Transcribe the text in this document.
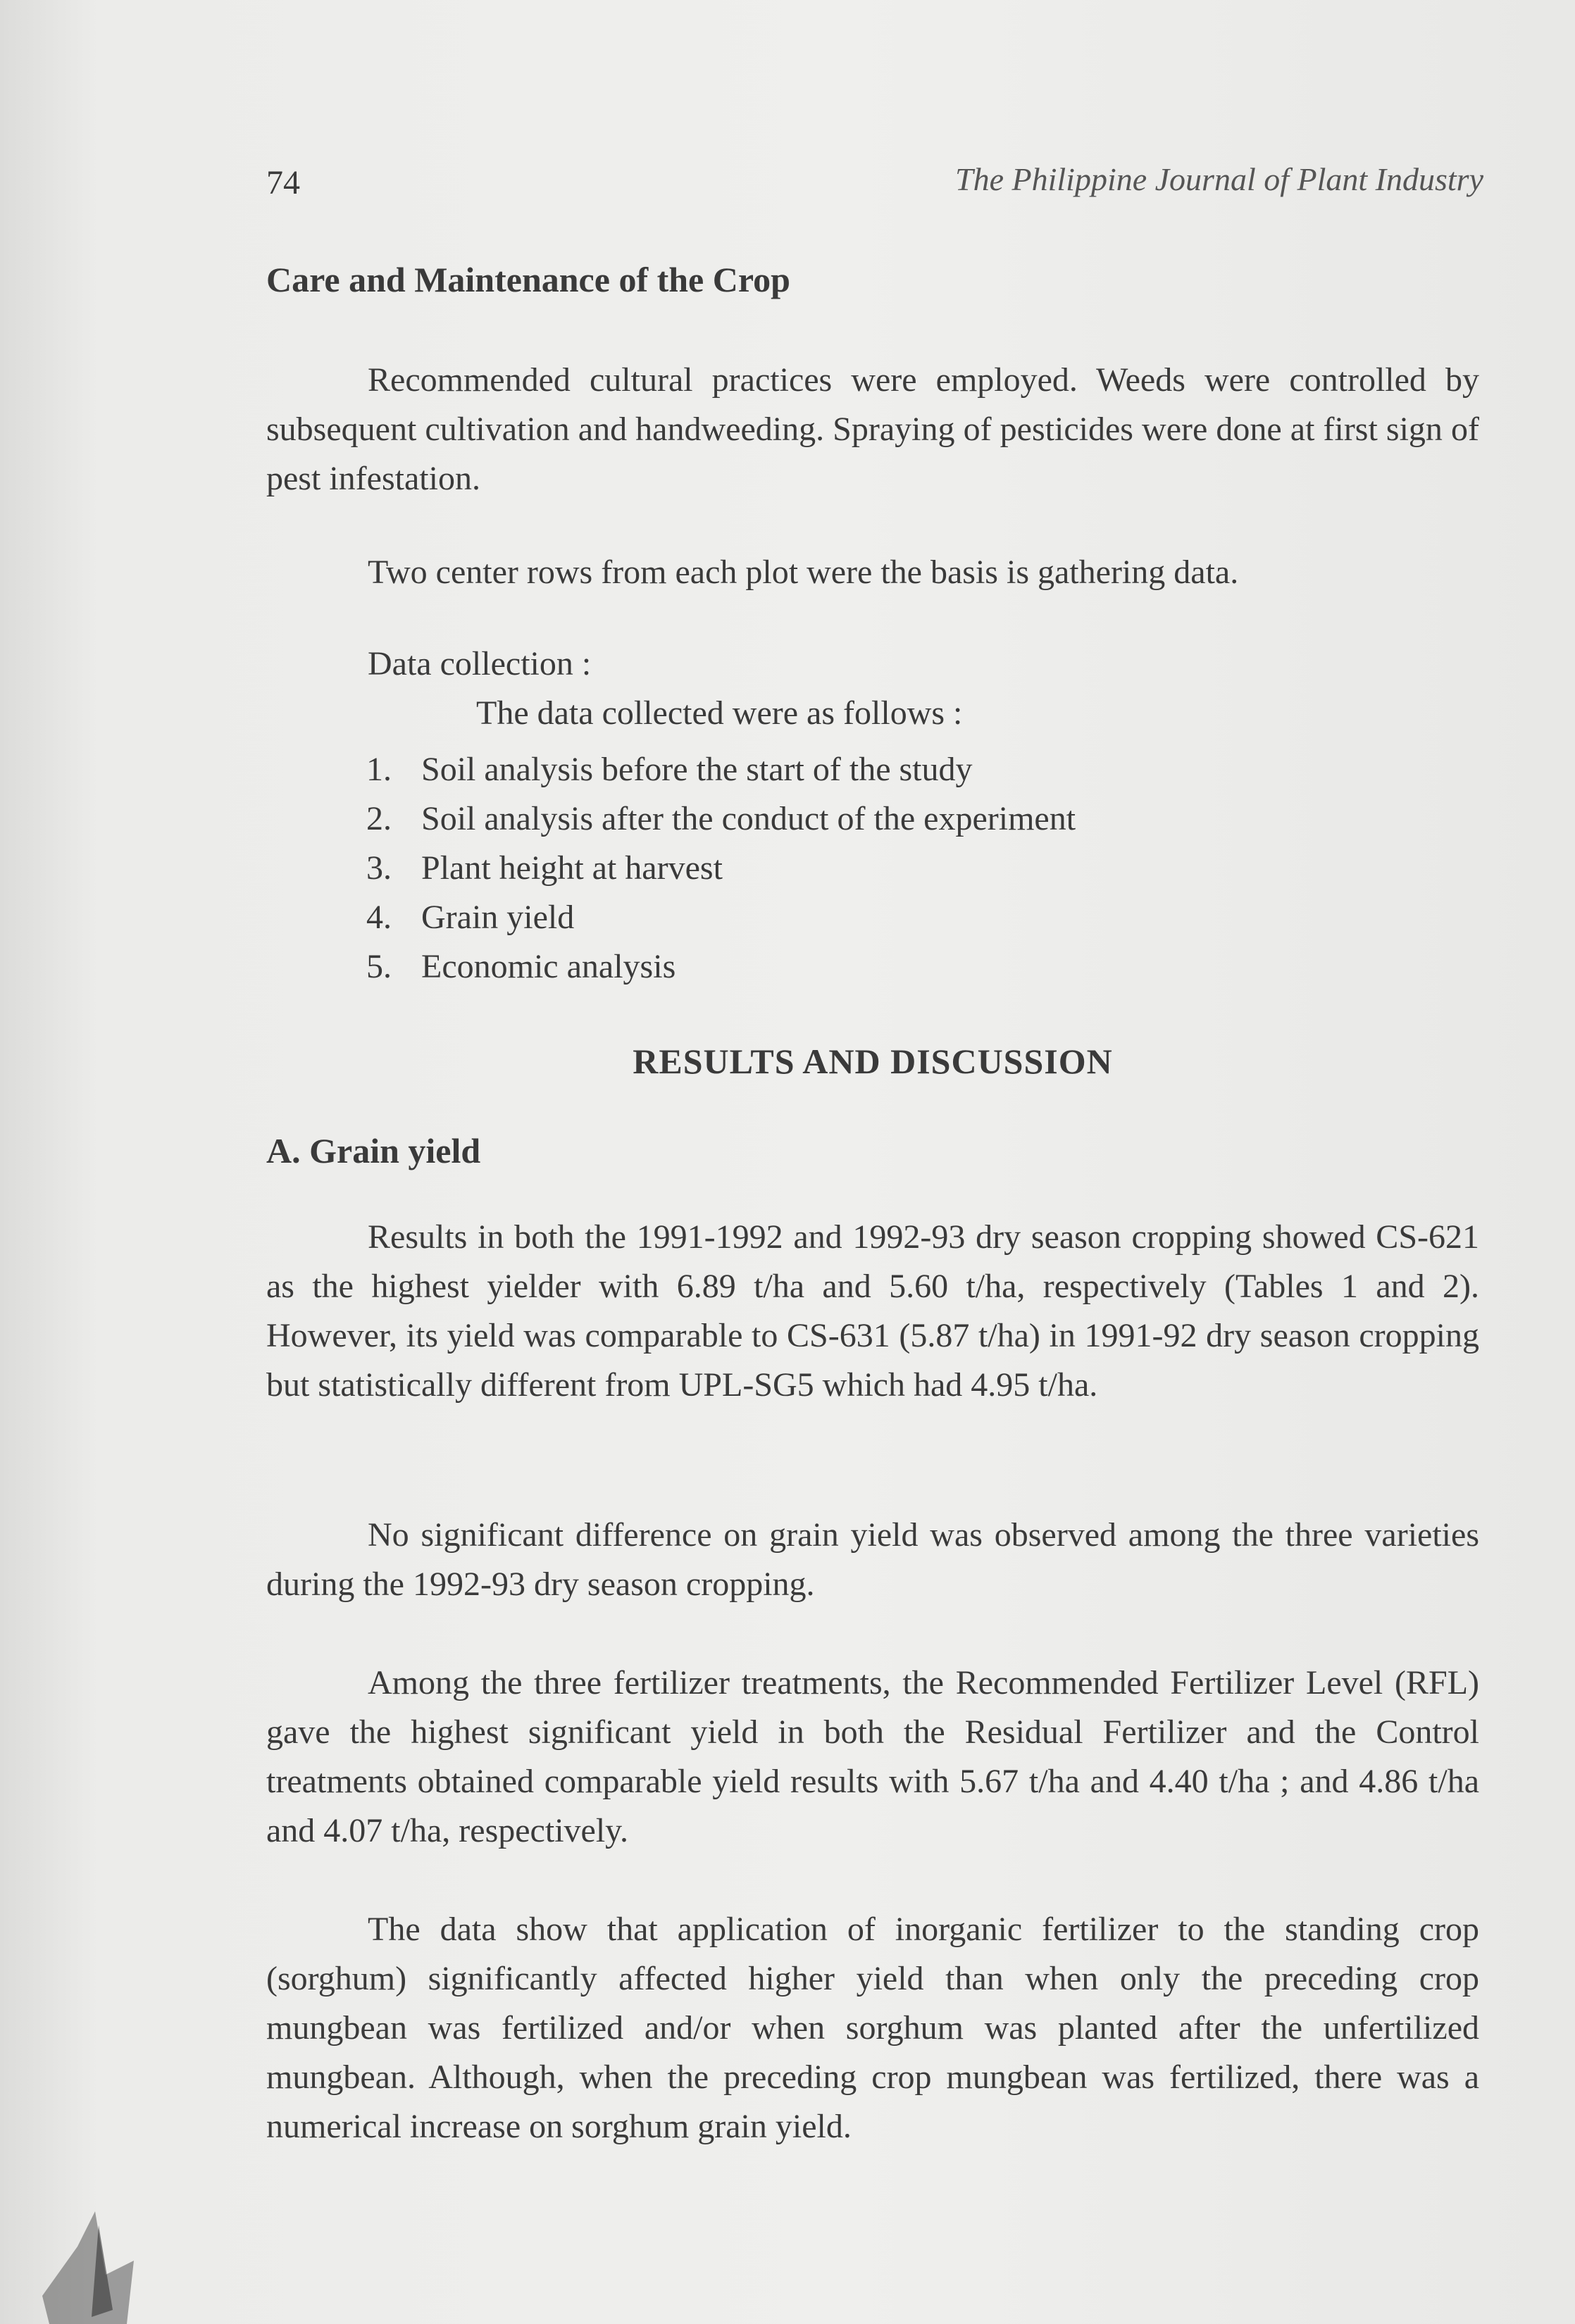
74	The Philippine Journal of Plant Industry
Care and Maintenance of the Crop

Recommended cultural practices were employed. Weeds were controlled by subsequent cultivation and handweeding. Spraying of pesticides were done at first sign of pest infestation.

Two center rows from each plot were the basis is gathering data.
Data collection :
The data collected were as follows :
1. Soil analysis before the start of the study
2. Soil analysis after the conduct of the experiment
3. Plant height at harvest
4. Grain yield
5. Economic analysis
RESULTS AND DISCUSSION
A. Grain yield

Results in both the 1991-1992 and 1992-93 dry season cropping showed CS-621 as the highest yielder with 6.89 t/ha and 5.60 t/ha, respectively (Tables 1 and 2). However, its yield was comparable to CS-631 (5.87 t/ha) in 1991-92 dry season cropping but statistically different from UPL-SG5 which had 4.95 t/ha.

No significant difference on grain yield was observed among the three varieties during the 1992-93 dry season cropping.

Among the three fertilizer treatments, the Recommended Fertilizer Level (RFL) gave the highest significant yield in both the Residual Fertilizer and the Control treatments obtained comparable yield results with 5.67 t/ha and 4.40 t/ha ; and 4.86 t/ha and 4.07 t/ha, respectively.

The data show that application of inorganic fertilizer to the standing crop (sorghum) significantly affected higher yield than when only the preceding crop mungbean was fertilized and/or when sorghum was planted after the unfertilized mungbean. Although, when the preceding crop mungbean was fertilized, there was a numerical increase on sorghum grain yield.
